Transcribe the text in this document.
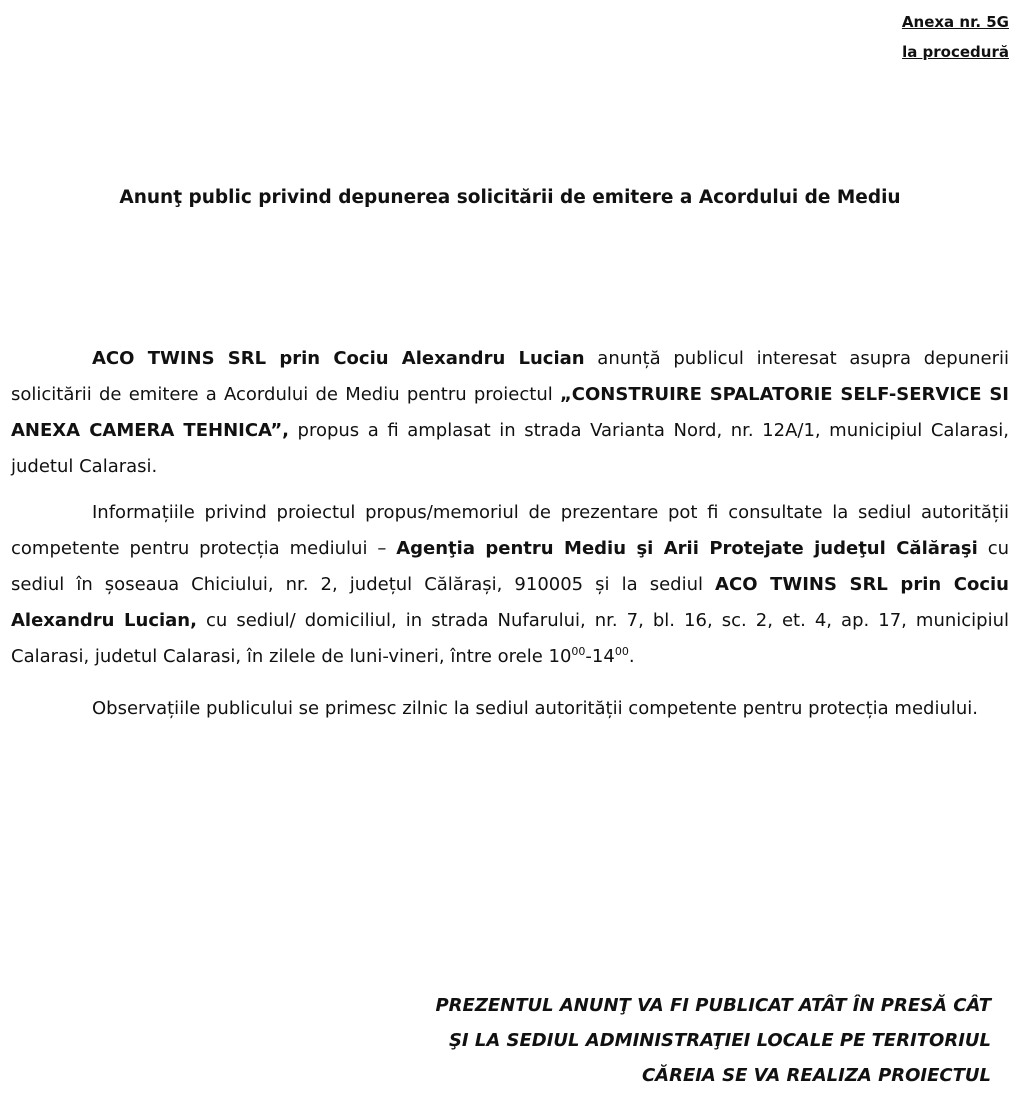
Anexa nr. 5G
la procedură
Anunţ public privind depunerea solicitării de emitere a Acordului de Mediu

ACO TWINS SRL prin Cociu Alexandru Lucian anunță publicul interesat asupra depunerii solicitării de emitere a Acordului de Mediu pentru proiectul „CONSTRUIRE SPALATORIE SELF-SERVICE SI ANEXA CAMERA TEHNICA”, propus a fi amplasat in strada Varianta Nord, nr. 12A/1, municipiul Calarasi, judetul Calarasi.

Informațiile privind proiectul propus/memoriul de prezentare pot fi consultate la sediul autorității competente pentru protecția mediului – Agenţia pentru Mediu şi Arii Protejate judeţul Călăraşi cu sediul în șoseaua Chiciului, nr. 2, județul Călărași, 910005 și la sediul ACO TWINS SRL prin Cociu Alexandru Lucian, cu sediul/ domiciliul, in strada Nufarului, nr. 7, bl. 16, sc. 2, et. 4, ap. 17, municipiul Calarasi, judetul Calarasi, în zilele de luni-vineri, între orele $10^{00}-14^{00}$.

Observațiile publicului se primesc zilnic la sediul autorității competente pentru protecția mediului.

PREZENTUL ANUNŢ VA FI PUBLICAT ATÂT ÎN PRESĂ CÂT
ŞI LA SEDIUL ADMINISTRAŢIEI LOCALE PE TERITORIUL
CĂREIA SE VA REALIZA PROIECTUL
